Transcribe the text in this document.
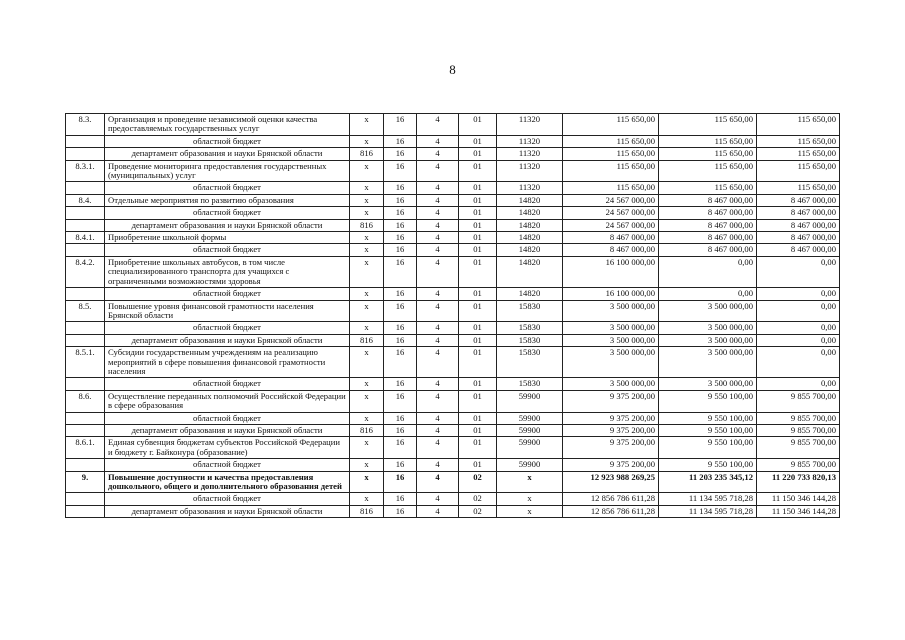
8
8.3.	Организация и проведение независимой оценки качества предоставляемых государственных услуг	x	16	4	01	11320	115 650,00	115 650,00	115 650,00
	областной бюджет	x	16	4	01	11320	115 650,00	115 650,00	115 650,00
	департамент образования и науки Брянской области	816	16	4	01	11320	115 650,00	115 650,00	115 650,00
8.3.1.	Проведение мониторинга предоставления государственных (муниципальных) услуг	x	16	4	01	11320	115 650,00	115 650,00	115 650,00
	областной бюджет	x	16	4	01	11320	115 650,00	115 650,00	115 650,00
8.4.	Отдельные мероприятия по развитию образования	x	16	4	01	14820	24 567 000,00	8 467 000,00	8 467 000,00
	областной бюджет	x	16	4	01	14820	24 567 000,00	8 467 000,00	8 467 000,00
	департамент образования и науки Брянской области	816	16	4	01	14820	24 567 000,00	8 467 000,00	8 467 000,00
8.4.1.	Приобретение школьной формы	x	16	4	01	14820	8 467 000,00	8 467 000,00	8 467 000,00
	областной бюджет	x	16	4	01	14820	8 467 000,00	8 467 000,00	8 467 000,00
8.4.2.	Приобретение школьных автобусов, в том числе специализированного транспорта для учащихся с ограниченными возможностями здоровья	x	16	4	01	14820	16 100 000,00	0,00	0,00
	областной бюджет	x	16	4	01	14820	16 100 000,00	0,00	0,00
8.5.	Повышение уровня финансовой грамотности населения Брянской области	x	16	4	01	15830	3 500 000,00	3 500 000,00	0,00
	областной бюджет	x	16	4	01	15830	3 500 000,00	3 500 000,00	0,00
	департамент образования и науки Брянской области	816	16	4	01	15830	3 500 000,00	3 500 000,00	0,00
8.5.1.	Субсидии государственным учреждениям на реализацию мероприятий в сфере повышения финансовой грамотности населения	x	16	4	01	15830	3 500 000,00	3 500 000,00	0,00
	областной бюджет	x	16	4	01	15830	3 500 000,00	3 500 000,00	0,00
8.6.	Осуществление переданных полномочий Российской Федерации в сфере образования	x	16	4	01	59900	9 375 200,00	9 550 100,00	9 855 700,00
	областной бюджет	x	16	4	01	59900	9 375 200,00	9 550 100,00	9 855 700,00
	департамент образования и науки Брянской области	816	16	4	01	59900	9 375 200,00	9 550 100,00	9 855 700,00
8.6.1.	Единая субвенция бюджетам субъектов Российской Федерации и бюджету г. Байконура (образование)	x	16	4	01	59900	9 375 200,00	9 550 100,00	9 855 700,00
	областной бюджет	x	16	4	01	59900	9 375 200,00	9 550 100,00	9 855 700,00
9.	Повышение доступности и качества предоставления дошкольного, общего и дополнительного образования детей	x	16	4	02	x	12 923 988 269,25	11 203 235 345,12	11 220 733 820,13
	областной бюджет	x	16	4	02	x	12 856 786 611,28	11 134 595 718,28	11 150 346 144,28
	департамент образования и науки Брянской области	816	16	4	02	x	12 856 786 611,28	11 134 595 718,28	11 150 346 144,28
